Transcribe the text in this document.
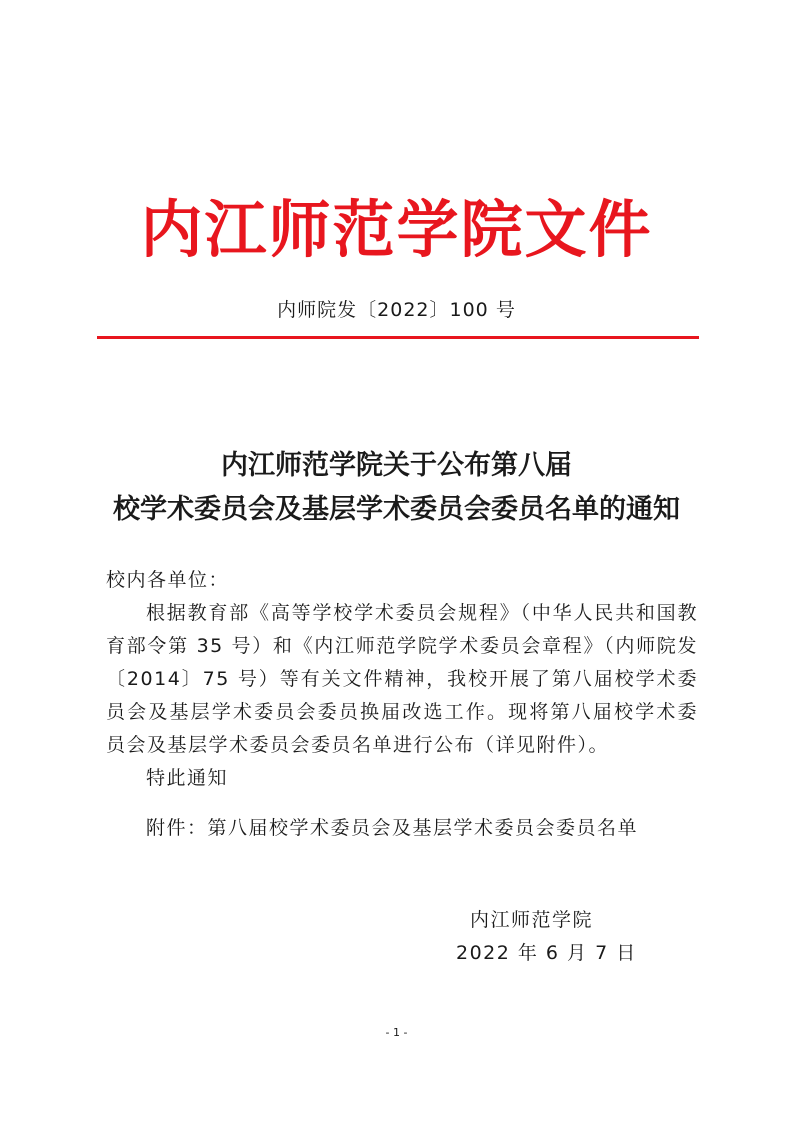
内江师范学院文件
内师院发〔2022〕100 号
内江师范学院关于公布第八届
校学术委员会及基层学术委员会委员名单的通知

校内各单位：

根据教育部《高等学校学术委员会规程》（中华人民共和国教育部令第 35 号）和《内江师范学院学术委员会章程》（内师院发〔2014〕75 号）等有关文件精神，我校开展了第八届校学术委员会及基层学术委员会委员换届改选工作。现将第八届校学术委员会及基层学术委员会委员名单进行公布（详见附件）。

特此通知

附件：第八届校学术委员会及基层学术委员会委员名单

内江师范学院
2022 年 6 月 7 日
- 1 -
